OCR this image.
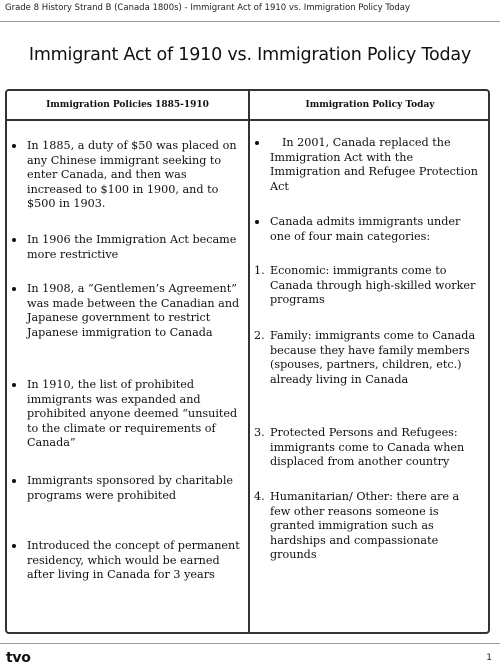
Grade 8 History Strand B (Canada 1800s) - Immigrant Act of 1910 vs. Immigration Policy Today
Immigrant Act of 1910 vs. Immigration Policy Today
Immigration Policies 1885-1910	Immigration Policy Today
In 1885, a duty of $50 was placed on any Chinese immigrant seeking to enter Canada, and then was increased to $100 in 1900, and to $500 in 1903.
In 1906 the Immigration Act became more restrictive
In 1908, a “Gentlemen’s Agreement” was made between the Canadian and Japanese government to restrict Japanese immigration to Canada
In 1910, the list of prohibited immigrants was expanded and prohibited anyone deemed “unsuited to the climate or requirements of Canada”
Immigrants sponsored by charitable programs were prohibited
Introduced the concept of permanent residency, which would be earned after living in Canada for 3 years
In 2001, Canada replaced the Immigration Act with the Immigration and Refugee Protection Act
Canada admits immigrants under one of four main categories:
1. Economic: immigrants come to Canada through high-skilled worker programs
2. Family: immigrants come to Canada because they have family members (spouses, partners, children, etc.) already living in Canada
3. Protected Persons and Refugees: immigrants come to Canada when displaced from another country
4. Humanitarian/ Other: there are a few other reasons someone is granted immigration such as hardships and compassionate grounds
tvo	1
